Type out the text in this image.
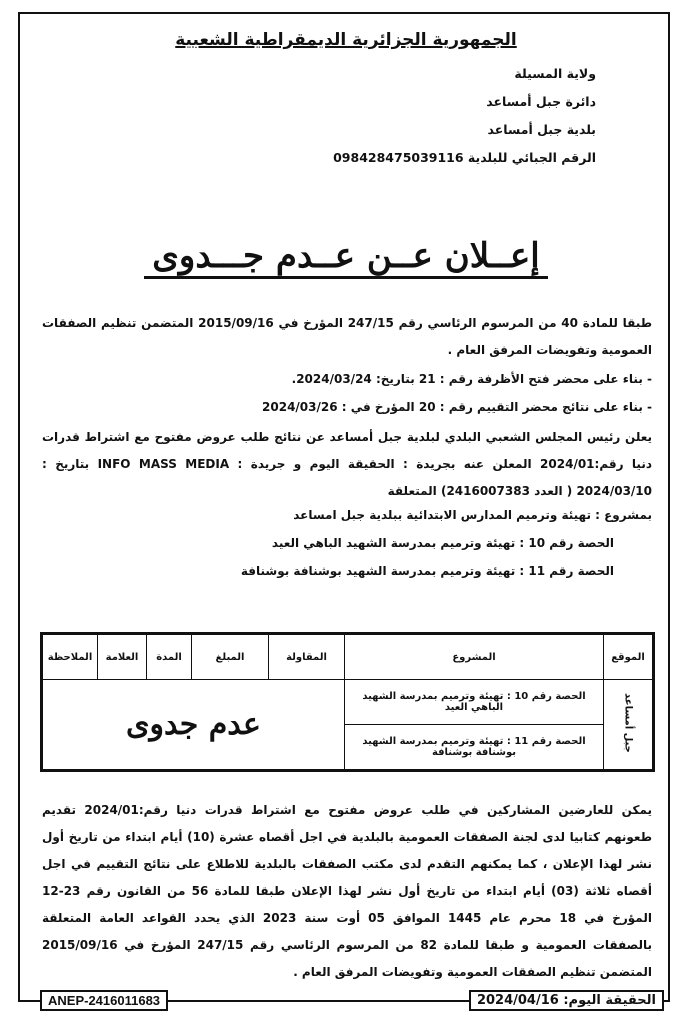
الجمهورية الجزائرية الديمقراطية الشعبية
ولاية المسيلة
دائرة جبل أمساعد
بلدية جبل أمساعد
الرقم الجبائي للبلدية 098428475039116
إعــلان عــن عــدم جـــدوى
طبقا للمادة 40 من المرسوم الرئاسي رقم 247/15 المؤرخ في 2015/09/16 المتضمن تنظيم الصفقات العمومية وتفويضات المرفق العام .
- بناء على محضر فتح الأظرفة رقم : 21 بتاريخ: 2024/03/24.
- بناء على نتائج محضر التقييم رقم : 20 المؤرخ في : 2024/03/26
يعلن رئيس المجلس الشعبي البلدي لبلدية جبل أمساعد عن نتائج طلب عروض مفتوح مع اشتراط قدرات دنيا رقم:2024/01 المعلن عنه بجريدة : الحقيقة اليوم و جريدة : INFO MASS MEDIA بتاريخ : 2024/03/10 ( العدد 2416007383) المتعلقة
بمشروع : تهيئة وترميم المدارس الابتدائية ببلدية جبل امساعد
الحصة رقم 10 : تهيئة وترميم بمدرسة الشهيد الباهي العيد
الحصة رقم 11 : تهيئة وترميم بمدرسة الشهيد بوشنافة بوشنافة
الموقع	المشروع	المقاولة	المبلغ	المدة	العلامة	الملاحظة
جبل أمساعد	الحصة رقم 10 : تهيئة وترميم بمدرسة الشهيد الباهي العيد	عدم جدوى				
	الحصة رقم 11 : تهيئة وترميم بمدرسة الشهيد بوشنافة بوشنافة					
يمكن للعارضين المشاركين في طلب عروض مفتوح مع اشتراط قدرات دنيا رقم:2024/01 تقديم طعونهم كتابيا لدى لجنة الصفقات العمومية بالبلدية في اجل أقصاه عشرة (10) أيام ابتداء من تاريخ أول نشر لهذا الإعلان ، كما يمكنهم التقدم لدى مكتب الصفقات بالبلدية للاطلاع على نتائج التقييم في اجل أقصاه ثلاثة (03) أيام ابتداء من تاريخ أول نشر لهذا الإعلان طبقا للمادة 56 من القانون رقم 23-12 المؤرخ في 18 محرم عام 1445 الموافق 05 أوت سنة 2023 الذي يحدد القواعد العامة المتعلقة بالصفقات العمومية و طبقا للمادة 82 من المرسوم الرئاسي رقم 247/15 المؤرخ في 2015/09/16 المتضمن تنظيم الصفقات العمومية وتفويضات المرفق العام .
ANEP-2416011683	الحقيقة اليوم: 2024/04/16
